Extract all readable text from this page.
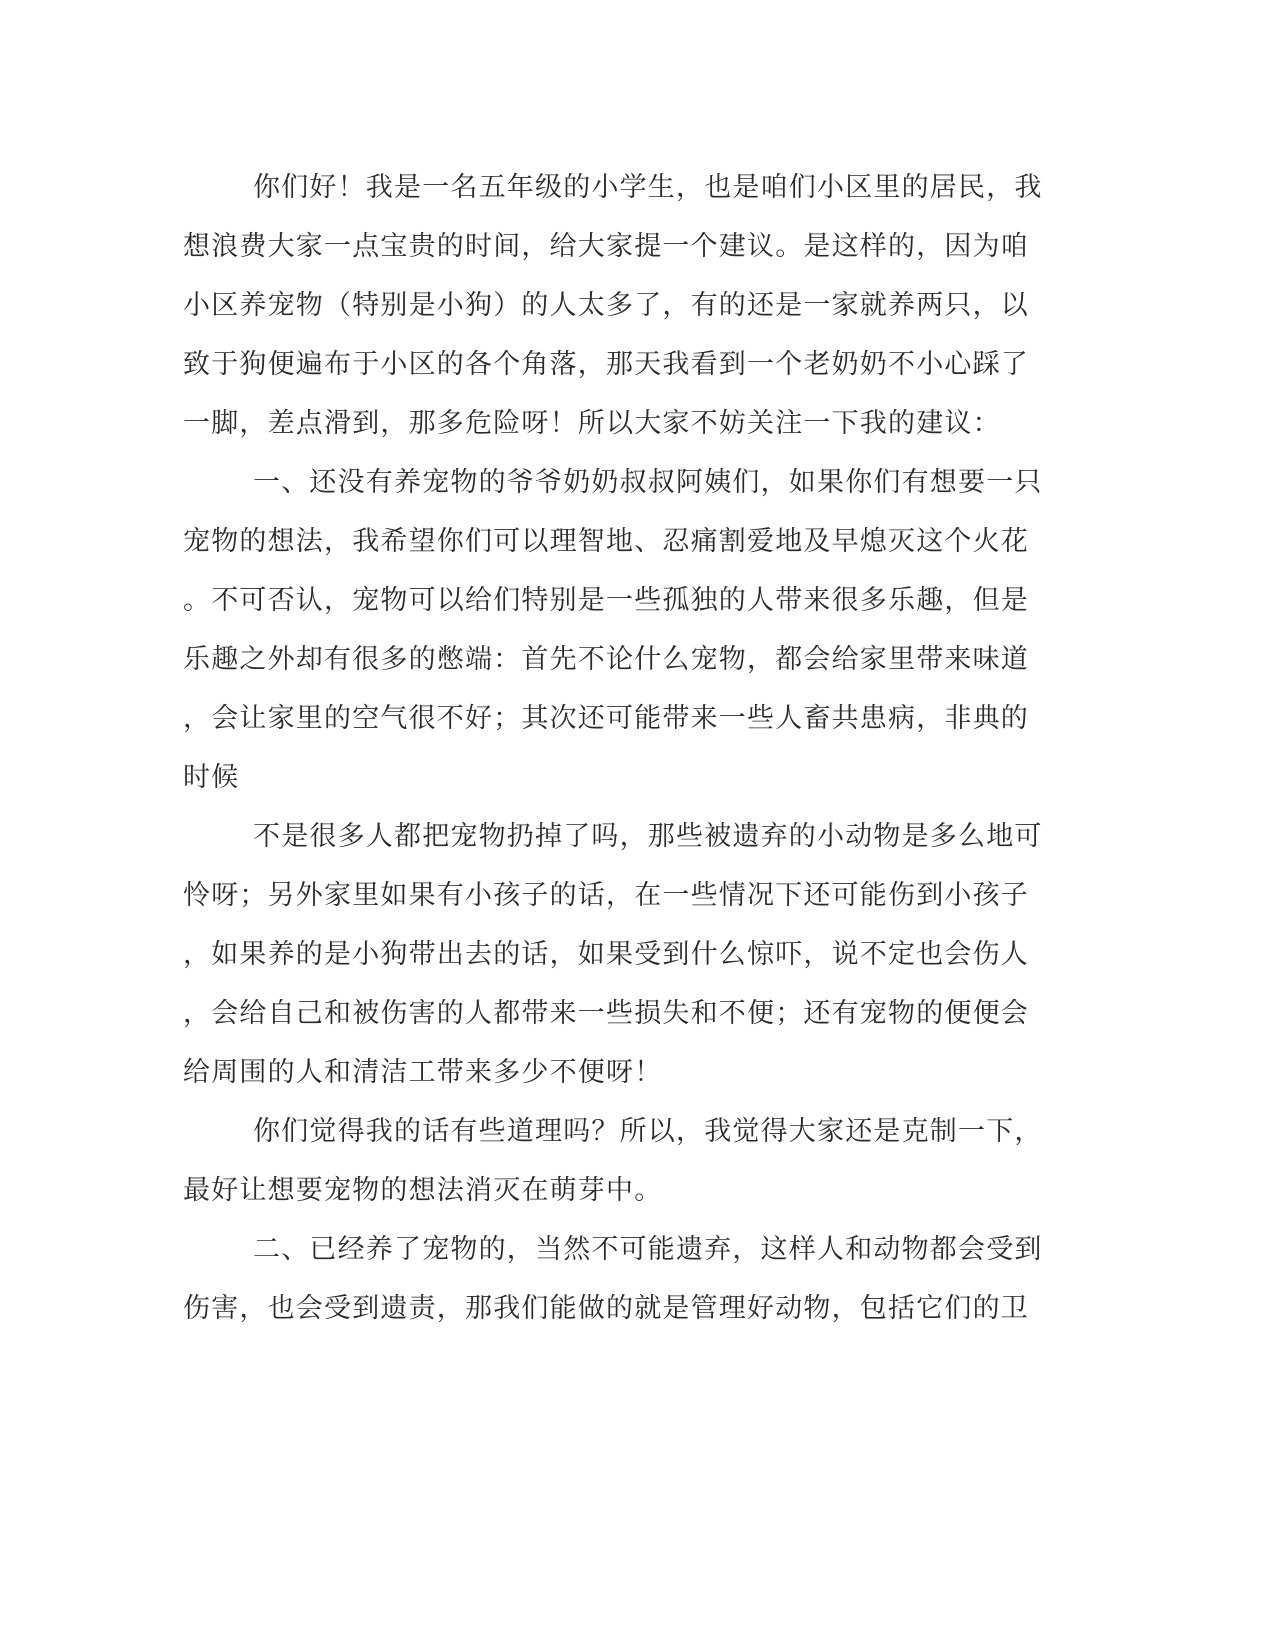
你们好！我是一名五年级的小学生，也是咱们小区里的居民，我
想浪费大家一点宝贵的时间，给大家提一个建议。是这样的，因为咱
小区养宠物（特别是小狗）的人太多了，有的还是一家就养两只，以
致于狗便遍布于小区的各个角落，那天我看到一个老奶奶不小心踩了
一脚，差点滑到，那多危险呀！所以大家不妨关注一下我的建议：
一、还没有养宠物的爷爷奶奶叔叔阿姨们，如果你们有想要一只
宠物的想法，我希望你们可以理智地、忍痛割爱地及早熄灭这个火花
。不可否认，宠物可以给们特别是一些孤独的人带来很多乐趣，但是
乐趣之外却有很多的憋端：首先不论什么宠物，都会给家里带来味道
，会让家里的空气很不好；其次还可能带来一些人畜共患病，非典的
时候
不是很多人都把宠物扔掉了吗，那些被遗弃的小动物是多么地可
怜呀；另外家里如果有小孩子的话，在一些情况下还可能伤到小孩子
，如果养的是小狗带出去的话，如果受到什么惊吓，说不定也会伤人
，会给自己和被伤害的人都带来一些损失和不便；还有宠物的便便会
给周围的人和清洁工带来多少不便呀！
你们觉得我的话有些道理吗？所以，我觉得大家还是克制一下，
最好让想要宠物的想法消灭在萌芽中。
二、已经养了宠物的，当然不可能遗弃，这样人和动物都会受到
伤害，也会受到遗责，那我们能做的就是管理好动物，包括它们的卫
